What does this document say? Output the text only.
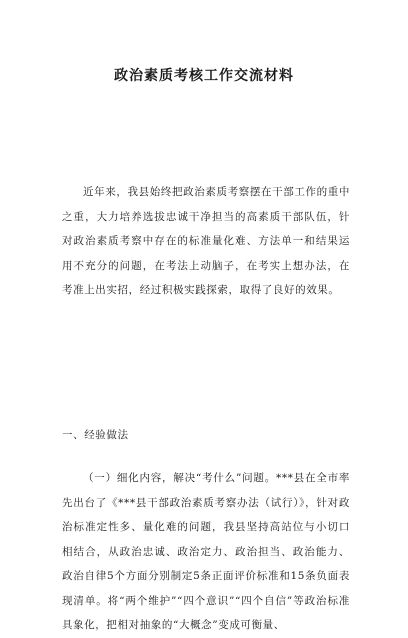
政治素质考核工作交流材料
近年来，我县始终把政治素质考察摆在干部工作的重中之重，大力培养选拔忠诚干净担当的高素质干部队伍，针对政治素质考察中存在的标准量化难、方法单一和结果运用不充分的问题，在考法上动脑子，在考实上想办法，在考准上出实招，经过积极实践探索，取得了良好的效果。
一、经验做法
（一）细化内容，解决“考什么”问题。***县在全市率先出台了《***县干部政治素质考察办法（试行）》，针对政治标准定性多、量化难的问题，我县坚持高站位与小切口相结合，从政治忠诚、政治定力、政治担当、政治能力、政治自律5个方面分别制定5条正面评价标准和15条负面表现清单。将“两个维护”“四个意识”“四个自信”等政治标准具象化，把相对抽象的“大概念”变成可衡量、
